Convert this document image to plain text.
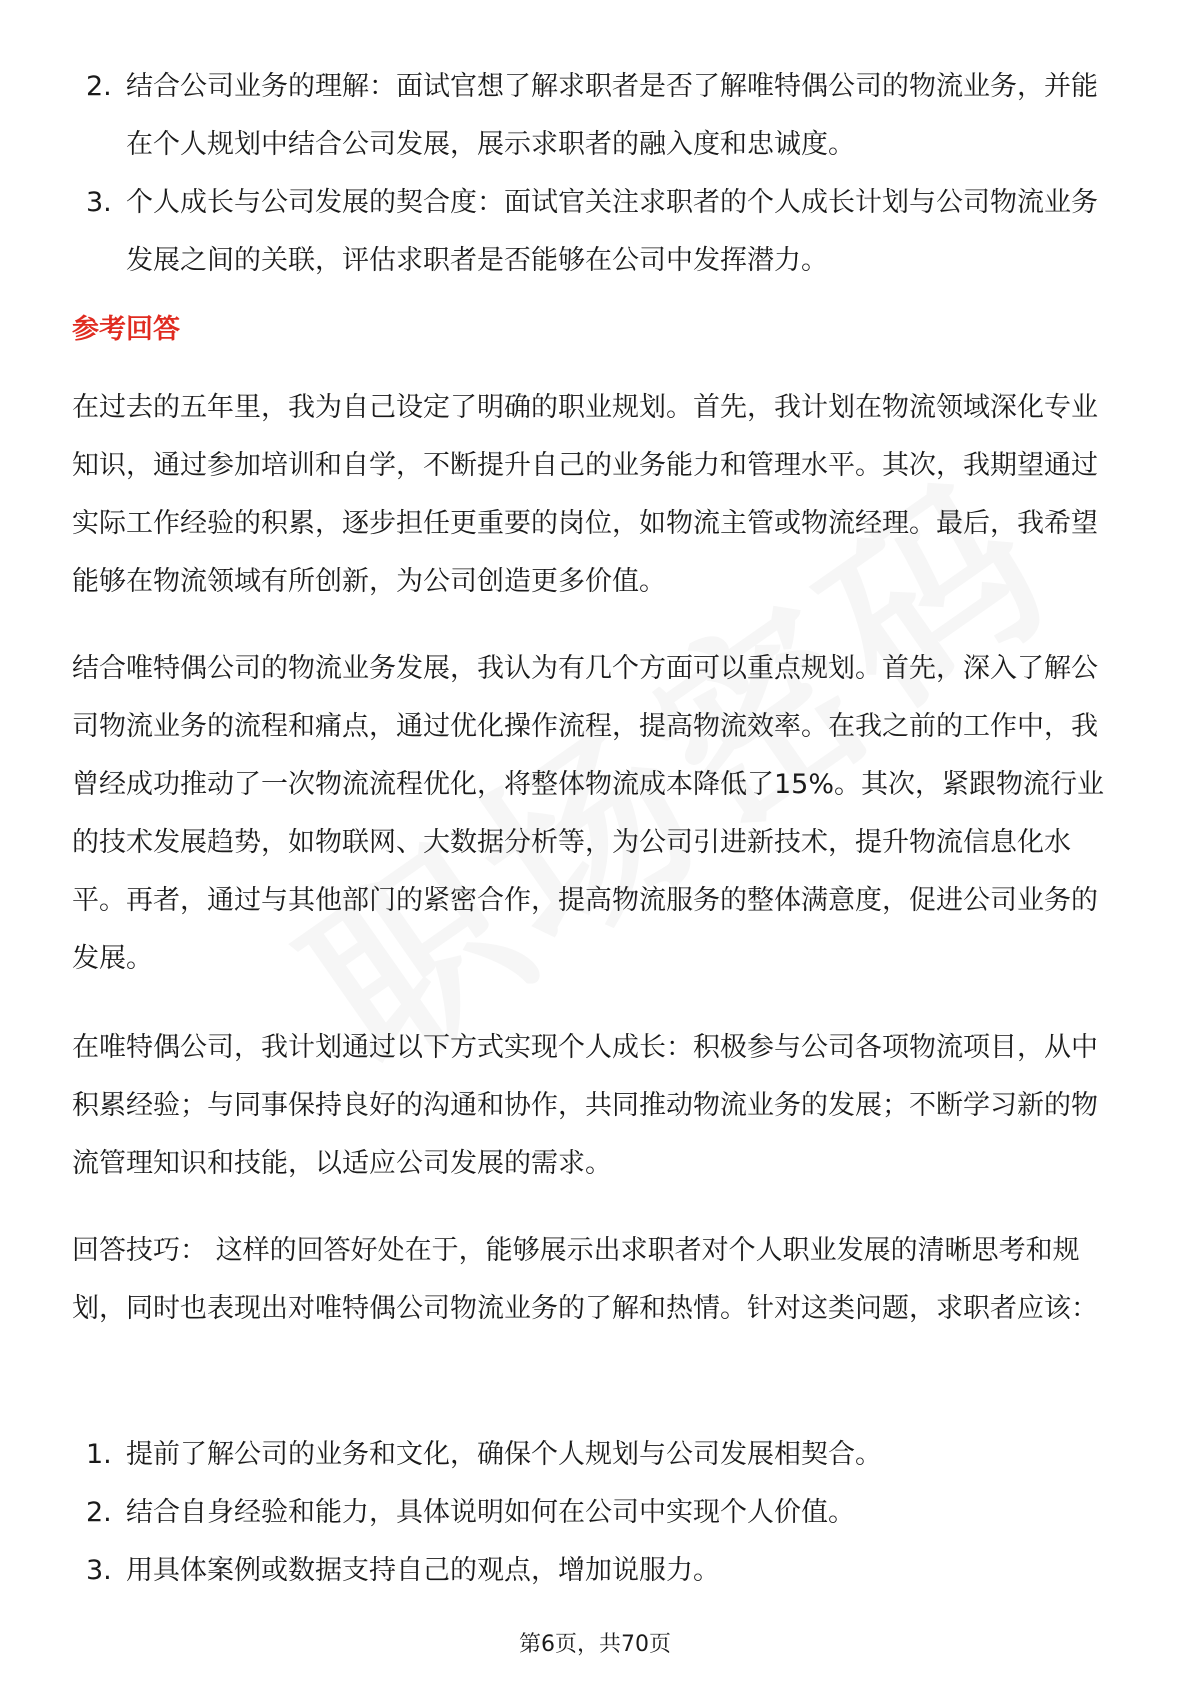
2. 结合公司业务的理解：面试官想了解求职者是否了解唯特偶公司的物流业务，并能在个人规划中结合公司发展，展示求职者的融入度和忠诚度。
3. 个人成长与公司发展的契合度：面试官关注求职者的个人成长计划与公司物流业务发展之间的关联，评估求职者是否能够在公司中发挥潜力。
参考回答

在过去的五年里，我为自己设定了明确的职业规划。首先，我计划在物流领域深化专业知识，通过参加培训和自学，不断提升自己的业务能力和管理水平。其次，我期望通过实际工作经验的积累，逐步担任更重要的岗位，如物流主管或物流经理。最后，我希望能够在物流领域有所创新，为公司创造更多价值。

结合唯特偶公司的物流业务发展，我认为有几个方面可以重点规划。首先，深入了解公司物流业务的流程和痛点，通过优化操作流程，提高物流效率。在我之前的工作中，我曾经成功推动了一次物流流程优化，将整体物流成本降低了15%。其次，紧跟物流行业的技术发展趋势，如物联网、大数据分析等，为公司引进新技术，提升物流信息化水平。再者，通过与其他部门的紧密合作，提高物流服务的整体满意度，促进公司业务的发展。

在唯特偶公司，我计划通过以下方式实现个人成长：积极参与公司各项物流项目，从中积累经验；与同事保持良好的沟通和协作，共同推动物流业务的发展；不断学习新的物流管理知识和技能，以适应公司发展的需求。

回答技巧： 这样的回答好处在于，能够展示出求职者对个人职业发展的清晰思考和规划，同时也表现出对唯特偶公司物流业务的了解和热情。针对这类问题，求职者应该：

1. 提前了解公司的业务和文化，确保个人规划与公司发展相契合。
2. 结合自身经验和能力，具体说明如何在公司中实现个人价值。
3. 用具体案例或数据支持自己的观点，增加说服力。
第6页，共70页
